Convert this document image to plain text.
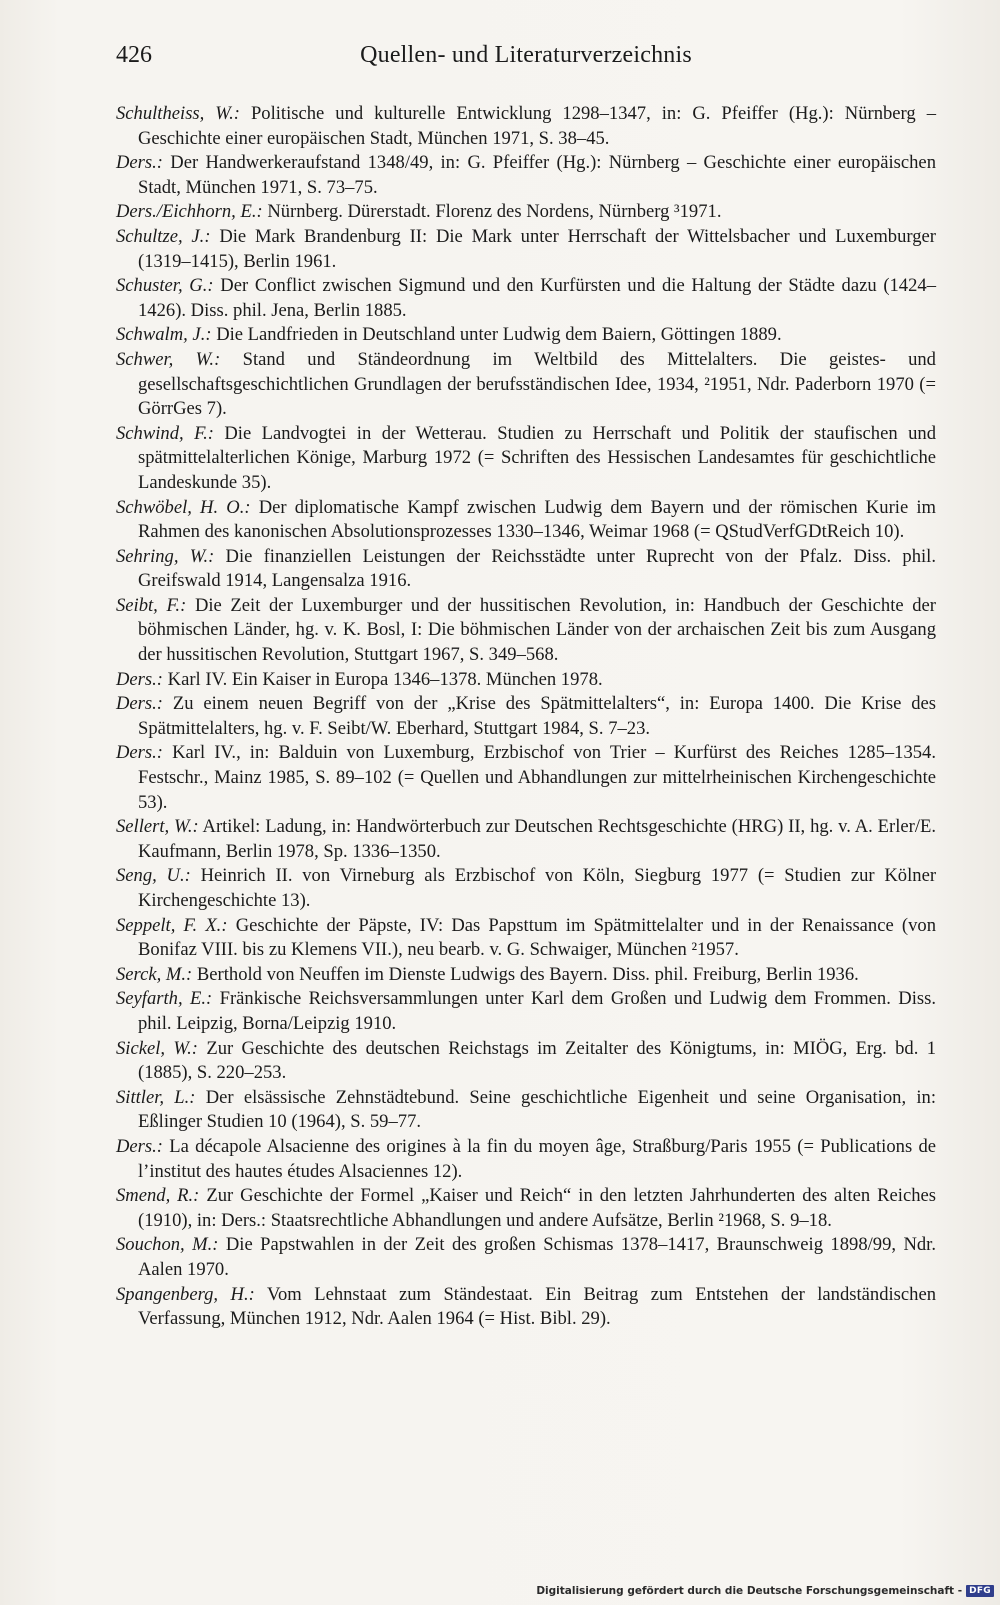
426	Quellen- und Literaturverzeichnis

Schultheiss, W.: Politische und kulturelle Entwicklung 1298–1347, in: G. Pfeiffer (Hg.): Nürnberg – Geschichte einer europäischen Stadt, München 1971, S. 38–45.

Ders.: Der Handwerkeraufstand 1348/49, in: G. Pfeiffer (Hg.): Nürnberg – Geschichte einer europäischen Stadt, München 1971, S. 73–75.

Ders./Eichhorn, E.: Nürnberg. Dürerstadt. Florenz des Nordens, Nürnberg ³1971.

Schultze, J.: Die Mark Brandenburg II: Die Mark unter Herrschaft der Wittelsbacher und Luxemburger (1319–1415), Berlin 1961.

Schuster, G.: Der Conflict zwischen Sigmund und den Kurfürsten und die Haltung der Städte dazu (1424–1426). Diss. phil. Jena, Berlin 1885.

Schwalm, J.: Die Landfrieden in Deutschland unter Ludwig dem Baiern, Göttingen 1889.

Schwer, W.: Stand und Ständeordnung im Weltbild des Mittelalters. Die geistes- und gesellschaftsgeschichtlichen Grundlagen der berufsständischen Idee, 1934, ²1951, Ndr. Paderborn 1970 (= GörrGes 7).

Schwind, F.: Die Landvogtei in der Wetterau. Studien zu Herrschaft und Politik der staufischen und spätmittelalterlichen Könige, Marburg 1972 (= Schriften des Hessischen Landesamtes für geschichtliche Landeskunde 35).

Schwöbel, H. O.: Der diplomatische Kampf zwischen Ludwig dem Bayern und der römischen Kurie im Rahmen des kanonischen Absolutionsprozesses 1330–1346, Weimar 1968 (= QStudVerfGDtReich 10).

Sehring, W.: Die finanziellen Leistungen der Reichsstädte unter Ruprecht von der Pfalz. Diss. phil. Greifswald 1914, Langensalza 1916.

Seibt, F.: Die Zeit der Luxemburger und der hussitischen Revolution, in: Handbuch der Geschichte der böhmischen Länder, hg. v. K. Bosl, I: Die böhmischen Länder von der archaischen Zeit bis zum Ausgang der hussitischen Revolution, Stuttgart 1967, S. 349–568.

Ders.: Karl IV. Ein Kaiser in Europa 1346–1378. München 1978.

Ders.: Zu einem neuen Begriff von der „Krise des Spätmittelalters“, in: Europa 1400. Die Krise des Spätmittelalters, hg. v. F. Seibt/W. Eberhard, Stuttgart 1984, S. 7–23.

Ders.: Karl IV., in: Balduin von Luxemburg, Erzbischof von Trier – Kurfürst des Reiches 1285–1354. Festschr., Mainz 1985, S. 89–102 (= Quellen und Abhandlungen zur mittelrheinischen Kirchengeschichte 53).

Sellert, W.: Artikel: Ladung, in: Handwörterbuch zur Deutschen Rechtsgeschichte (HRG) II, hg. v. A. Erler/E. Kaufmann, Berlin 1978, Sp. 1336–1350.

Seng, U.: Heinrich II. von Virneburg als Erzbischof von Köln, Siegburg 1977 (= Studien zur Kölner Kirchengeschichte 13).

Seppelt, F. X.: Geschichte der Päpste, IV: Das Papsttum im Spätmittelalter und in der Renaissance (von Bonifaz VIII. bis zu Klemens VII.), neu bearb. v. G. Schwaiger, München ²1957.

Serck, M.: Berthold von Neuffen im Dienste Ludwigs des Bayern. Diss. phil. Freiburg, Berlin 1936.

Seyfarth, E.: Fränkische Reichsversammlungen unter Karl dem Großen und Ludwig dem Frommen. Diss. phil. Leipzig, Borna/Leipzig 1910.

Sickel, W.: Zur Geschichte des deutschen Reichstags im Zeitalter des Königtums, in: MIÖG, Erg. bd. 1 (1885), S. 220–253.

Sittler, L.: Der elsässische Zehnstädtebund. Seine geschichtliche Eigenheit und seine Organisation, in: Eßlinger Studien 10 (1964), S. 59–77.

Ders.: La décapole Alsacienne des origines à la fin du moyen âge, Straßburg/Paris 1955 (= Publications de l’institut des hautes études Alsaciennes 12).

Smend, R.: Zur Geschichte der Formel „Kaiser und Reich“ in den letzten Jahrhunderten des alten Reiches (1910), in: Ders.: Staatsrechtliche Abhandlungen und andere Aufsätze, Berlin ²1968, S. 9–18.

Souchon, M.: Die Papstwahlen in der Zeit des großen Schismas 1378–1417, Braunschweig 1898/99, Ndr. Aalen 1970.

Spangenberg, H.: Vom Lehnstaat zum Ständestaat. Ein Beitrag zum Entstehen der landständischen Verfassung, München 1912, Ndr. Aalen 1964 (= Hist. Bibl. 29).

Digitalisierung gefördert durch die Deutsche Forschungsgemeinschaft - DFG
